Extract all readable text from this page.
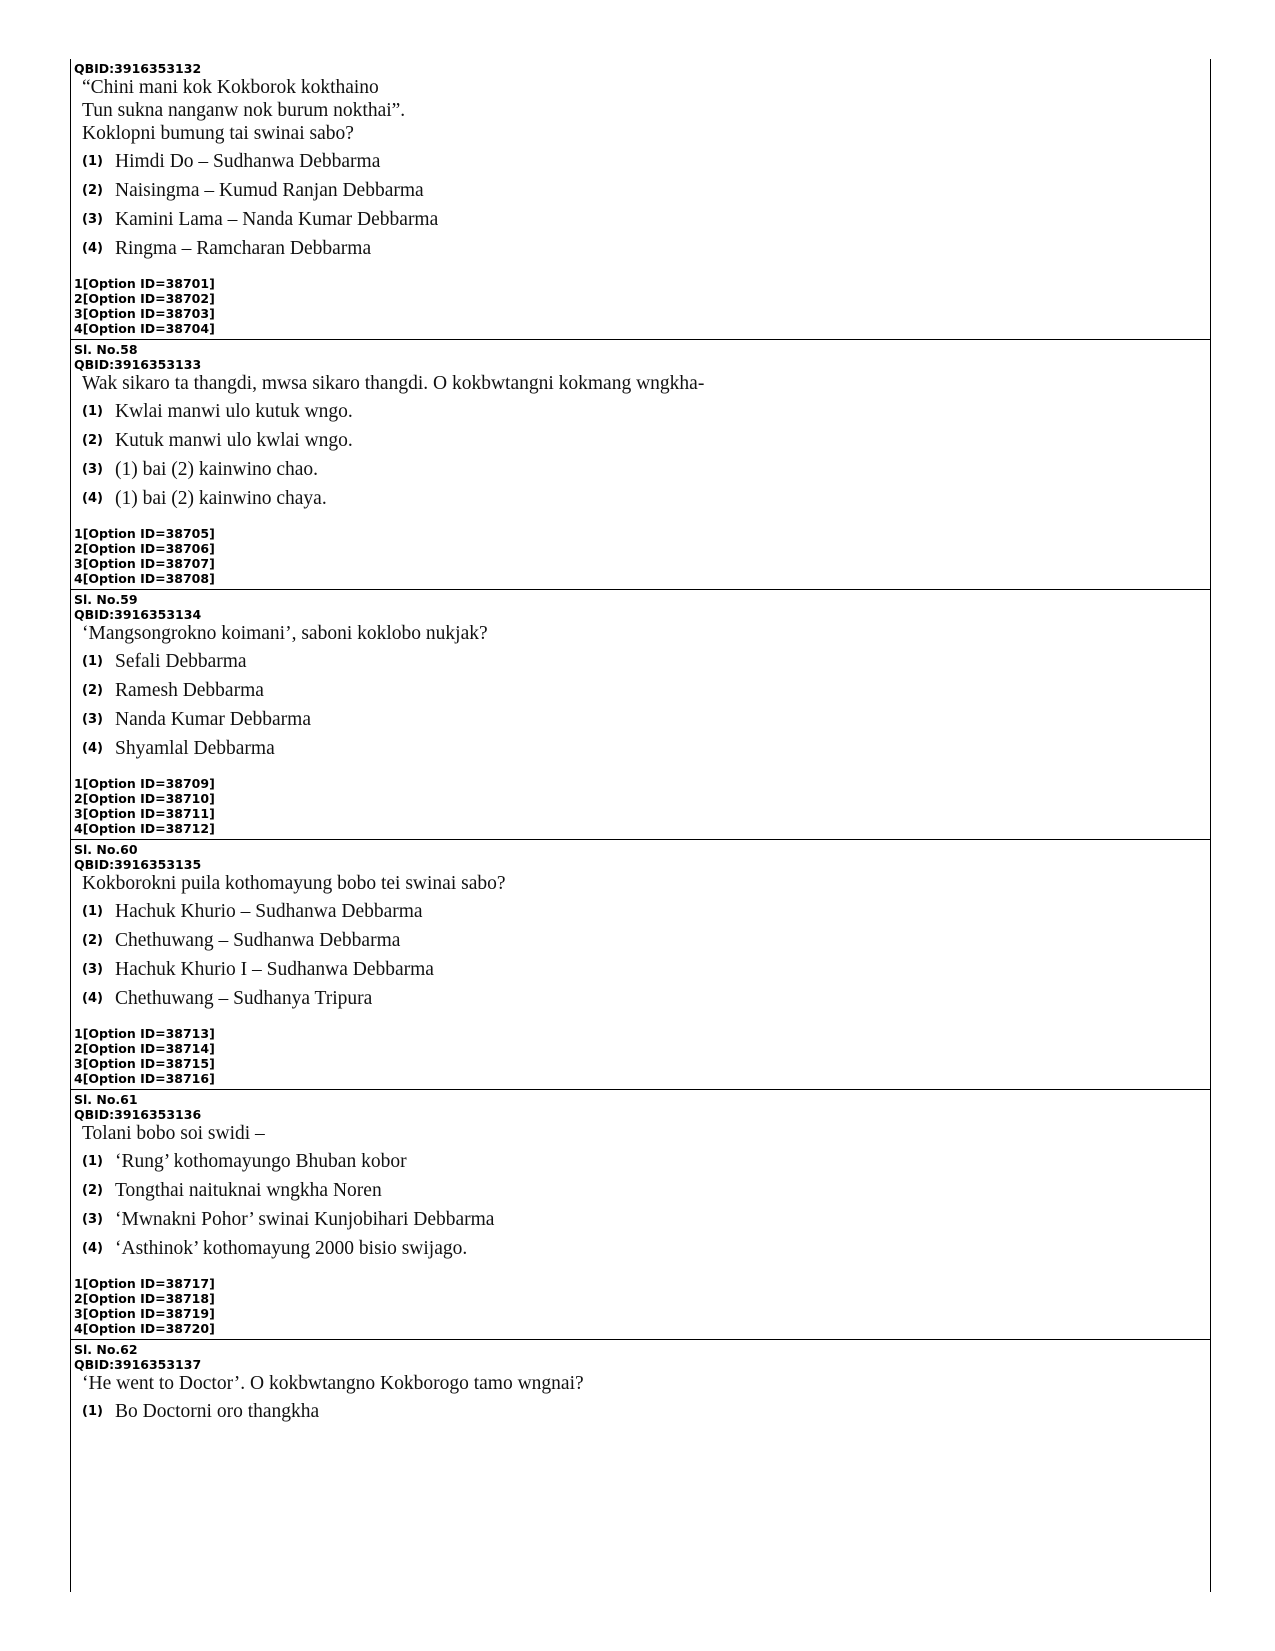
QBID:3916353132
“Chini mani kok Kokborok kokthaino
Tun sukna nanganw nok burum nokthai”.
Koklopni bumung tai swinai sabo?
(1) Himdi Do – Sudhanwa Debbarma
(2) Naisingma – Kumud Ranjan Debbarma
(3) Kamini Lama – Nanda Kumar Debbarma
(4) Ringma – Ramcharan Debbarma
1[Option ID=38701]
2[Option ID=38702]
3[Option ID=38703]
4[Option ID=38704]
Sl. No.58
QBID:3916353133
Wak sikaro ta thangdi, mwsa sikaro thangdi. O kokbwtangni kokmang wngkha-
(1) Kwlai manwi ulo kutuk wngo.
(2) Kutuk manwi ulo kwlai wngo.
(3) (1) bai (2) kainwino chao.
(4) (1) bai (2) kainwino chaya.
1[Option ID=38705]
2[Option ID=38706]
3[Option ID=38707]
4[Option ID=38708]
Sl. No.59
QBID:3916353134
‘Mangsongrokno koimani’, saboni koklobo nukjak?
(1) Sefali Debbarma
(2) Ramesh Debbarma
(3) Nanda Kumar Debbarma
(4) Shyamlal Debbarma
1[Option ID=38709]
2[Option ID=38710]
3[Option ID=38711]
4[Option ID=38712]
Sl. No.60
QBID:3916353135
Kokborokni puila kothomayung bobo tei swinai sabo?
(1) Hachuk Khurio – Sudhanwa Debbarma
(2) Chethuwang – Sudhanwa Debbarma
(3) Hachuk Khurio I – Sudhanwa Debbarma
(4) Chethuwang – Sudhanya Tripura
1[Option ID=38713]
2[Option ID=38714]
3[Option ID=38715]
4[Option ID=38716]
Sl. No.61
QBID:3916353136
Tolani bobo soi swidi –
(1) ‘Rung’ kothomayungo Bhuban kobor
(2) Tongthai naituknai wngkha Noren
(3) ‘Mwnakni Pohor’ swinai Kunjobihari Debbarma
(4) ‘Asthinok’ kothomayung 2000 bisio swijago.
1[Option ID=38717]
2[Option ID=38718]
3[Option ID=38719]
4[Option ID=38720]
Sl. No.62
QBID:3916353137
‘He went to Doctor’. O kokbwtangno Kokborogo tamo wngnai?
(1) Bo Doctorni oro thangkha
